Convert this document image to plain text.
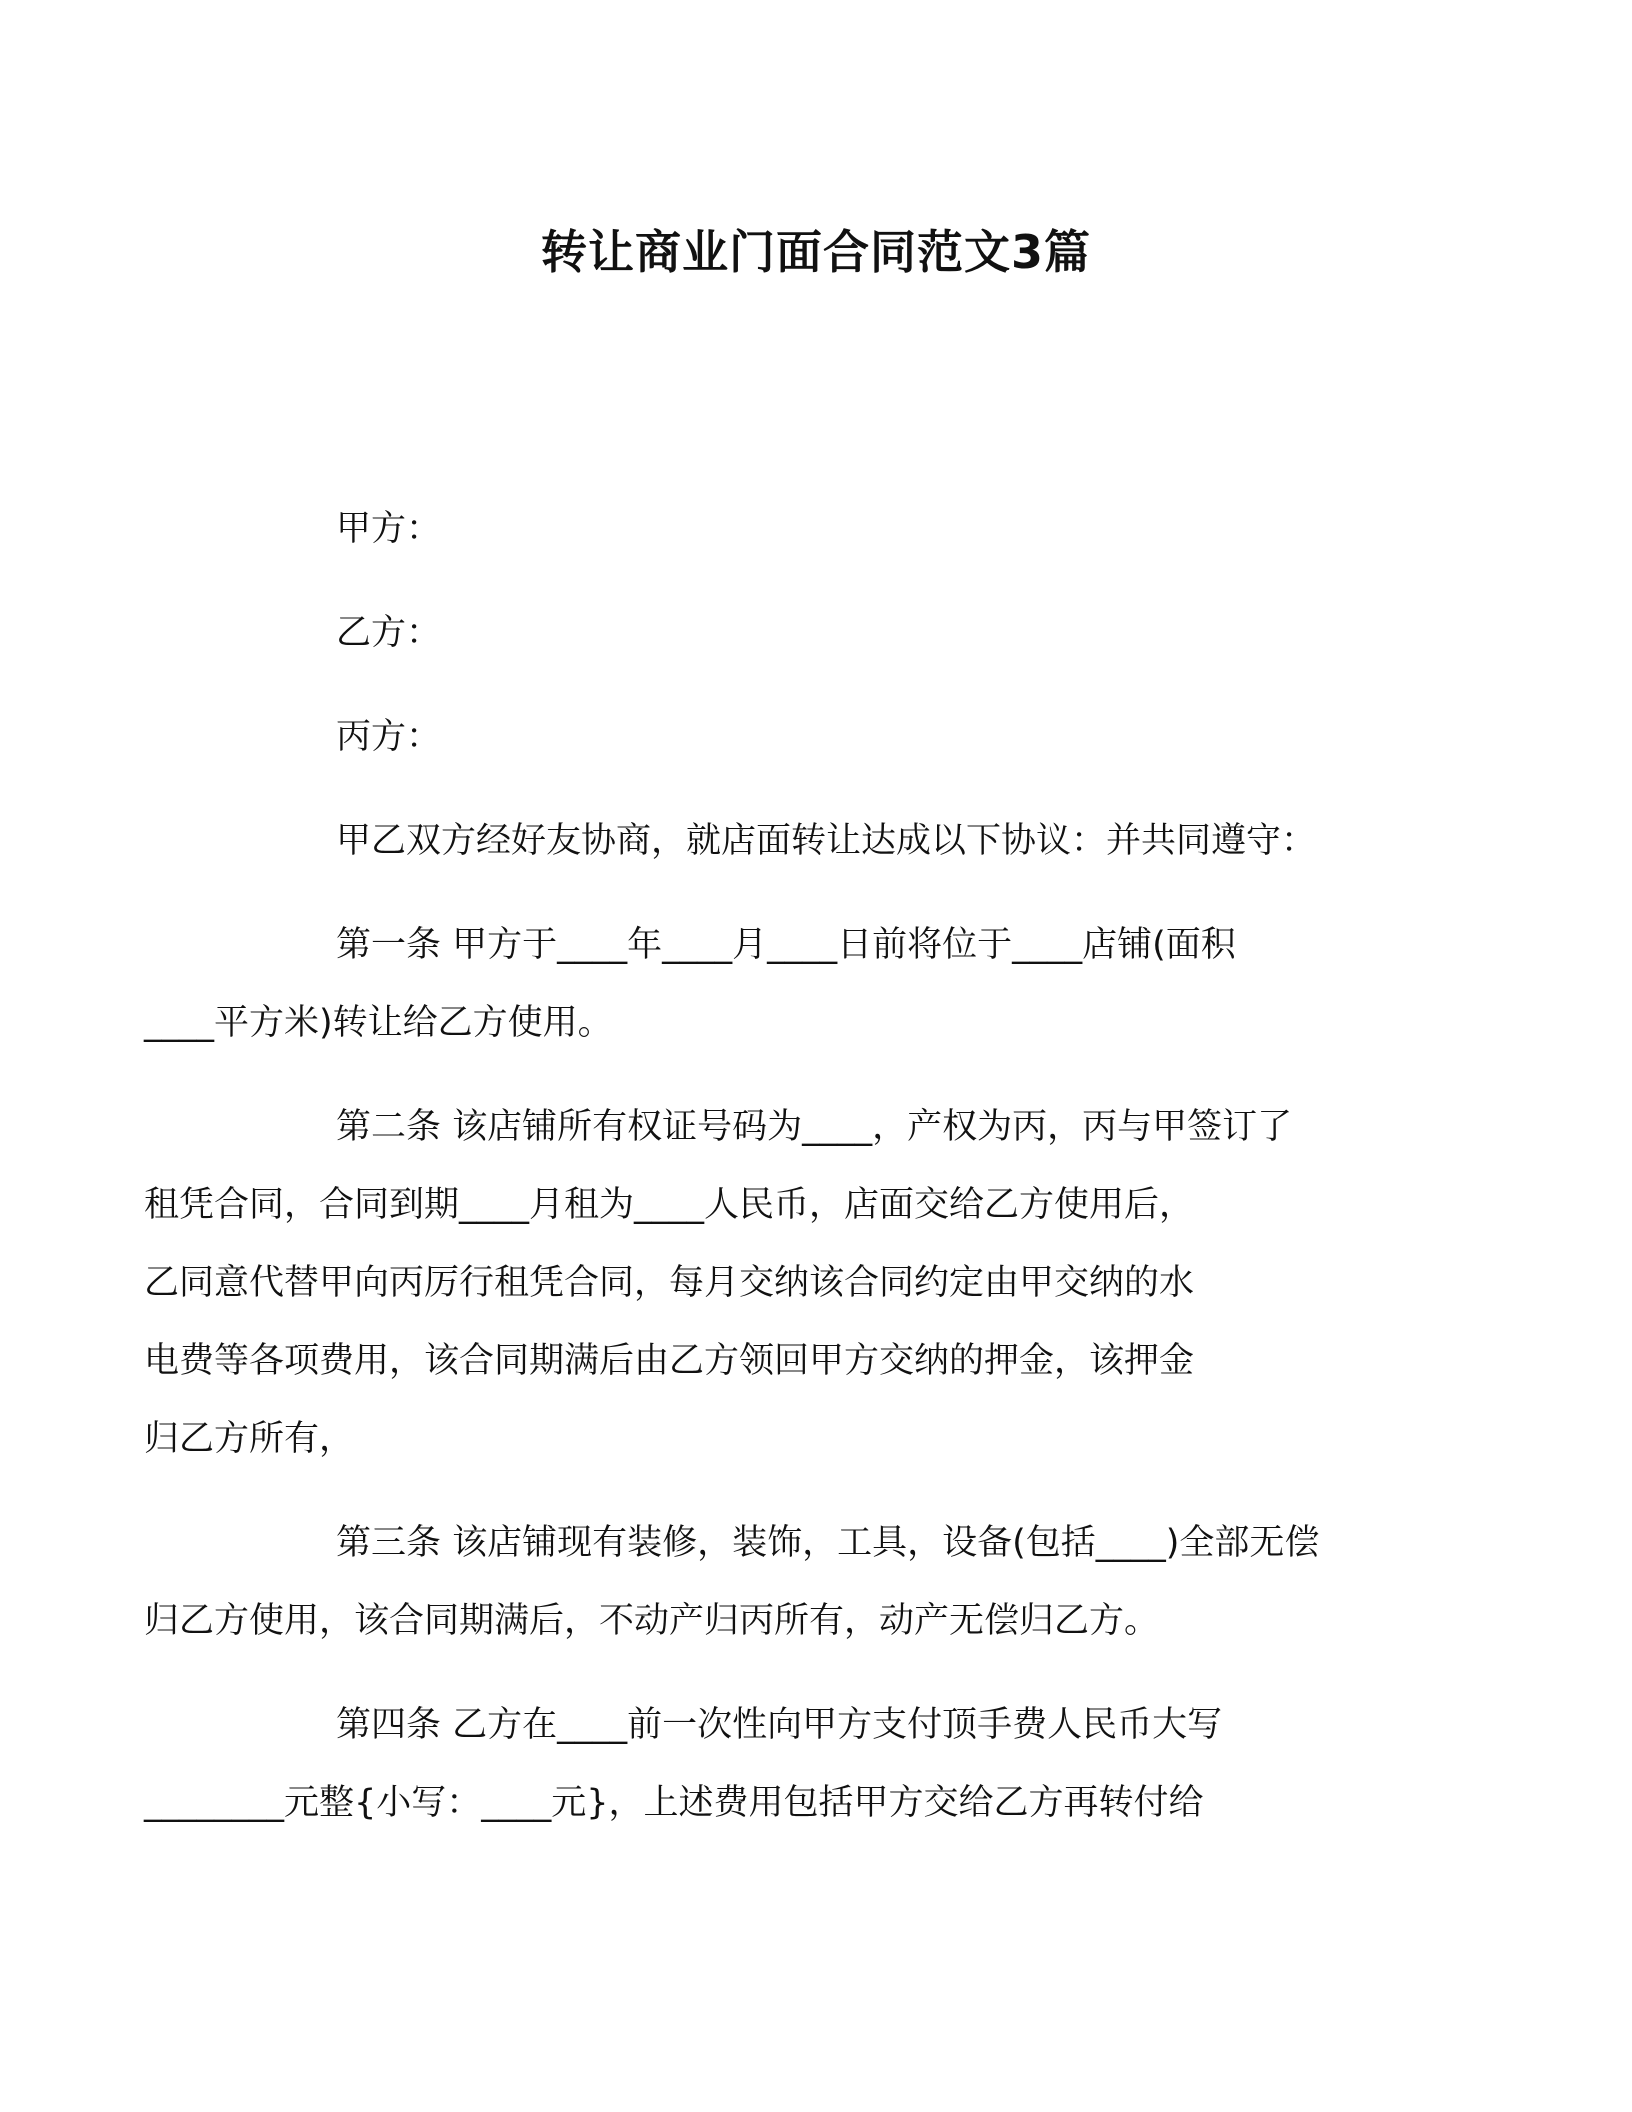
转让商业门面合同范文3篇
甲方：
乙方：
丙方：
甲乙双方经好友协商，就店面转让达成以下协议：并共同遵守：
第一条 甲方于____年____月____日前将位于____店铺(面积
____平方米)转让给乙方使用。
第二条 该店铺所有权证号码为____，产权为丙，丙与甲签订了
租凭合同，合同到期____月租为____人民币，店面交给乙方使用后，
乙同意代替甲向丙厉行租凭合同，每月交纳该合同约定由甲交纳的水
电费等各项费用，该合同期满后由乙方领回甲方交纳的押金，该押金
归乙方所有，
第三条 该店铺现有装修，装饰，工具，设备(包括____)全部无偿
归乙方使用，该合同期满后，不动产归丙所有，动产无偿归乙方。
第四条 乙方在____前一次性向甲方支付顶手费人民币大写
________元整{小写：____元}，上述费用包括甲方交给乙方再转付给
